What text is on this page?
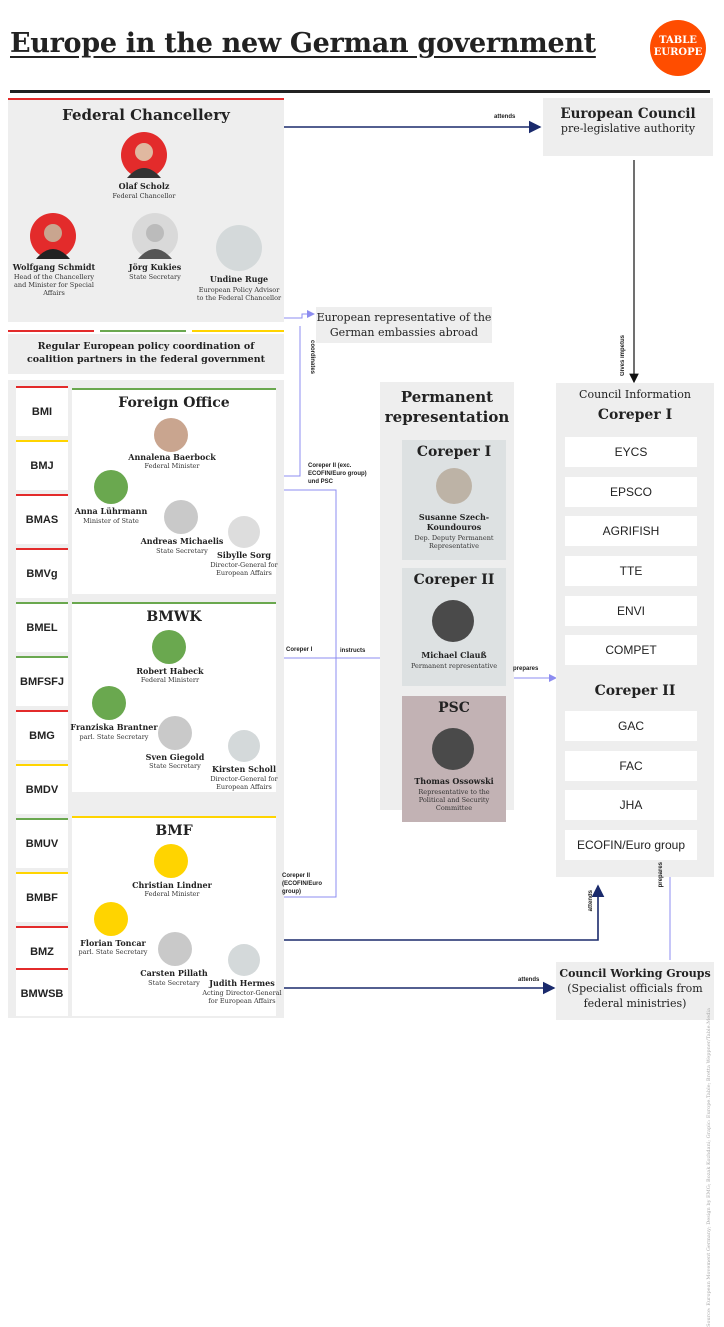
Europe in the new German government	TABLE
EUROPE
Federal Chancellery
Olaf Scholz
Federal Chancellor
Wolfgang Schmidt
Head of the Chancellery and Minister for Special Affairs
Jörg Kukies
State Secretary	Undine Ruge
European Policy Advisor to the Federal Chancellor
Regular European policy coordination of coalition partners in the federal government
European Council
pre-legislative authority
European representative of the German embassies abroad
BMI
BMJ
BMAS
BMVg
BMEL
BMFSFJ
BMG
BMDV
BMUV
BMBF
BMZ
BMWSB
Foreign Office
Annalena Baerbock
Federal Minister
Anna Lührmann
Minister of State
Andreas Michaelis
State Secretary	Sibylle Sorg
Director-General for European Affairs
BMWK
Robert Habeck
Federal Ministerr
Franziska Brantner
parl. State Secretary
Sven Giegold
State Secretary	Kirsten Scholl
Director-General for European Affairs
BMF
Christian Lindner
Federal Minister
Florian Toncar
parl. State Secretary
Carsten Pillath
State Secretary	Judith Hermes
Acting Director-General for European Affairs
Permanent
representation
Coreper I
Susanne Szech-Koundouros
Dep. Deputy Permanent Representative
Coreper II
Michael Clauß
Permanent representative
PSC
Thomas Ossowski
Representative to the Political and Security Committee
Council Information
Coreper I
Coreper II
EYCS
EPSCO
AGRIFISH
TTE
ENVI
COMPET
GAC
FAC
JHA
ECOFIN/Euro group
Council Working Groups
(Specialist officials from federal ministries)
attends
Gives impetus
coordinates
Coreper II (exc. ECOFIN/Euro group) und PSC
Coreper I	instructs
prepares
Coreper II (ECOFIN/Euro group)	attends
prepares
attends
Source: European Movement Germany; Design by EMG; Bozak Kozhdani; Grapic: Europe.Table; Bretta Weppner/Table.Media
